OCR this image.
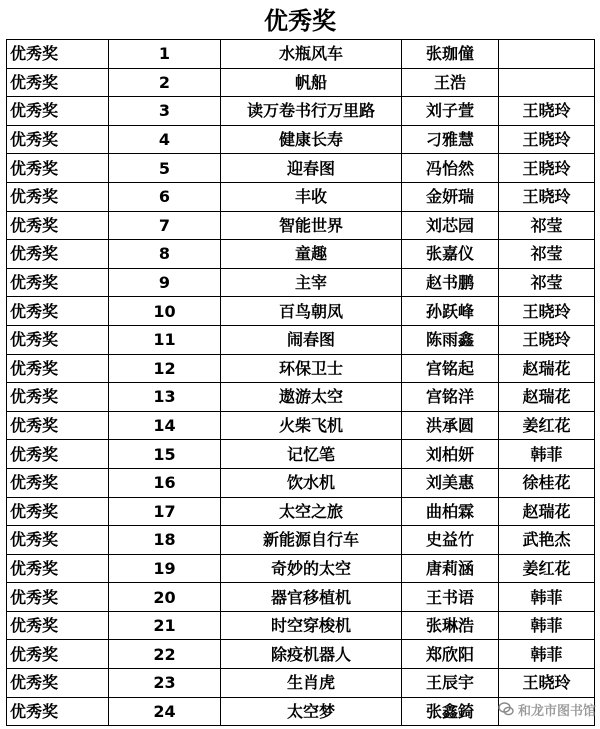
优秀奖
优秀奖	1	水瓶风车	张珈僮	
优秀奖	2	帆船	王浩	
优秀奖	3	读万卷书行万里路	刘子萱	王晓玲
优秀奖	4	健康长寿	刁雅慧	王晓玲
优秀奖	5	迎春图	冯怡然	王晓玲
优秀奖	6	丰收	金妍瑞	王晓玲
优秀奖	7	智能世界	刘芯园	祁莹
优秀奖	8	童趣	张嘉仪	祁莹
优秀奖	9	主宰	赵书鹏	祁莹
优秀奖	10	百鸟朝凤	孙跃峰	王晓玲
优秀奖	11	闹春图	陈雨鑫	王晓玲
优秀奖	12	环保卫士	宫铭起	赵瑞花
优秀奖	13	遨游太空	宫铭洋	赵瑞花
优秀奖	14	火柴飞机	洪承圆	姜红花
优秀奖	15	记忆笔	刘柏妍	韩菲
优秀奖	16	饮水机	刘美惠	徐桂花
优秀奖	17	太空之旅	曲柏霖	赵瑞花
优秀奖	18	新能源自行车	史益竹	武艳杰
优秀奖	19	奇妙的太空	唐莉涵	姜红花
优秀奖	20	器官移植机	王书语	韩菲
优秀奖	21	时空穿梭机	张琳浩	韩菲
优秀奖	22	除疫机器人	郑欣阳	韩菲
优秀奖	23	生肖虎	王辰宇	王晓玲
优秀奖	24	太空梦	张鑫錡		和龙市图书馆
